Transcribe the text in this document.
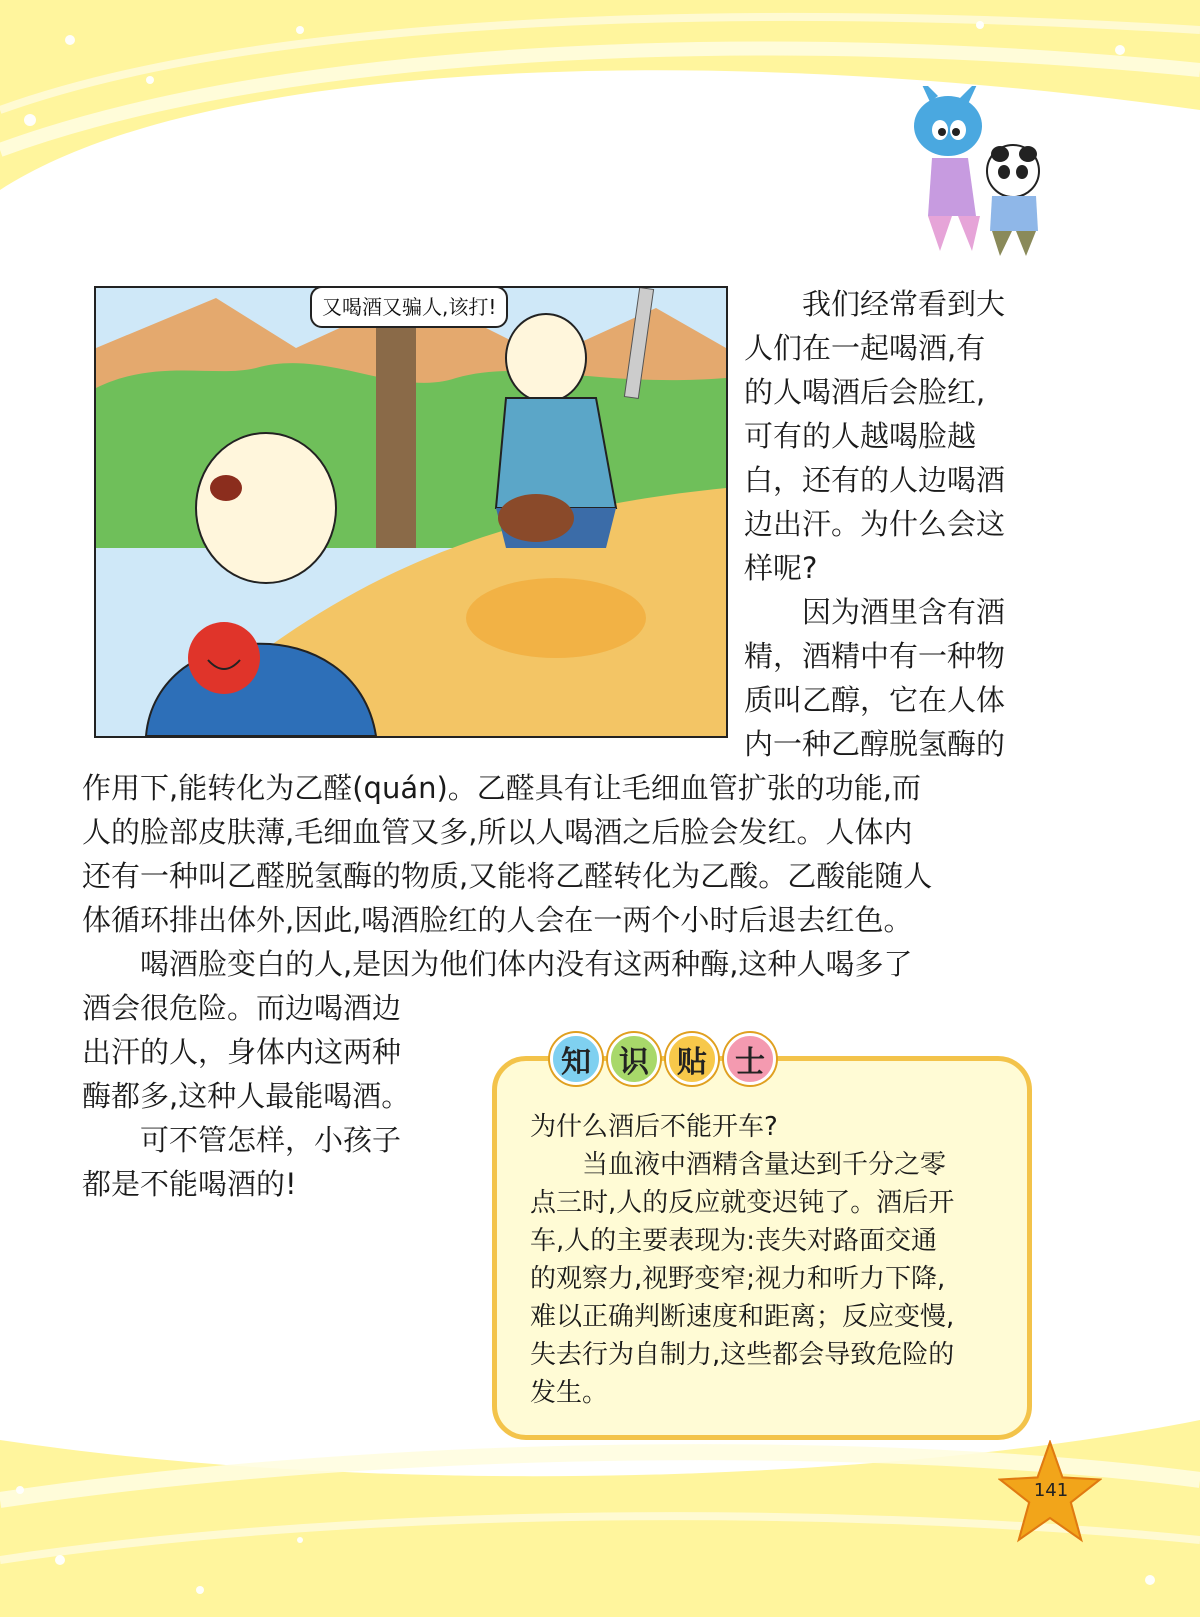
又喝酒又骗人,该打!	我们经常看到大
人们在一起喝酒,有
的人喝酒后会脸红,
可有的人越喝脸越
白，还有的人边喝酒
边出汗。为什么会这
样呢?
因为酒里含有酒
精，酒精中有一种物
质叫乙醇，它在人体
内一种乙醇脱氢酶的
作用下,能转化为乙醛(quán)。乙醛具有让毛细血管扩张的功能,而
人的脸部皮肤薄,毛细血管又多,所以人喝酒之后脸会发红。人体内
还有一种叫乙醛脱氢酶的物质,又能将乙醛转化为乙酸。乙酸能随人
体循环排出体外,因此,喝酒脸红的人会在一两个小时后退去红色。
喝酒脸变白的人,是因为他们体内没有这两种酶,这种人喝多了
酒会很危险。而边喝酒边
出汗的人，身体内这两种
酶都多,这种人最能喝酒。
可不管怎样，小孩子
都是不能喝酒的!
知 识 贴 士
为什么酒后不能开车?
当血液中酒精含量达到千分之零
点三时,人的反应就变迟钝了。酒后开
车,人的主要表现为:丧失对路面交通
的观察力,视野变窄;视力和听力下降,
难以正确判断速度和距离；反应变慢,
失去行为自制力,这些都会导致危险的
发生。
141
